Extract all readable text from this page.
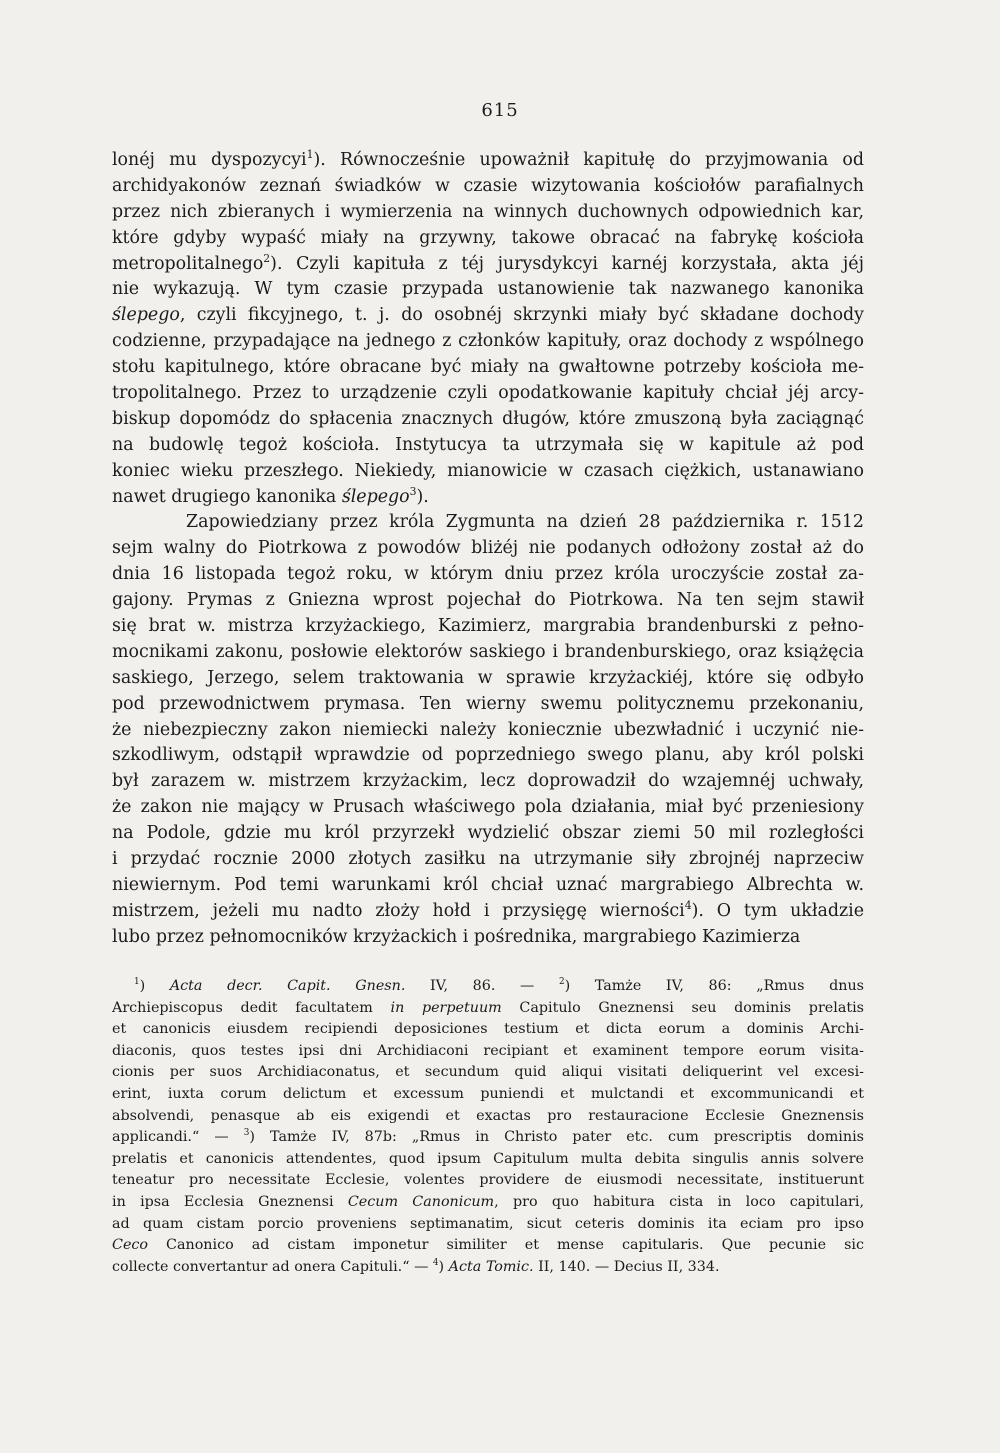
615
lonéj mu dyspozycyi$^1$). Równocześnie upoważnił kapitułę do przyjmowania od
archidyakonów zeznań świadków w czasie wizytowania kościołów parafialnych
przez nich zbieranych i wymierzenia na winnych duchownych odpowiednich kar,
które gdyby wypaść miały na grzywny, takowe obracać na fabrykę kościoła
metropolitalnego$^2$). Czyli kapituła z téj jurysdykcyi karnéj korzystała, akta jéj
nie wykazują. W tym czasie przypada ustanowienie tak nazwanego kanonika
ślepego, czyli fikcyjnego, t. j. do osobnéj skrzynki miały być składane dochody
codzienne, przypadające na jednego z członków kapituły, oraz dochody z wspólnego
stołu kapitulnego, które obracane być miały na gwałtowne potrzeby kościoła me-
tropolitalnego. Przez to urządzenie czyli opodatkowanie kapituły chciał jéj arcy-
biskup dopomódz do spłacenia znacznych długów, które zmuszoną była zaciągnąć
na budowlę tegoż kościoła. Instytucya ta utrzymała się w kapitule aż pod
koniec wieku przeszłego. Niekiedy, mianowicie w czasach ciężkich, ustanawiano
nawet drugiego kanonika ślepego$^3$).
Zapowiedziany przez króla Zygmunta na dzień 28 października r. 1512
sejm walny do Piotrkowa z powodów bliżéj nie podanych odłożony został aż do
dnia 16 listopada tegoż roku, w którym dniu przez króla uroczyście został za-
gajony. Prymas z Gniezna wprost pojechał do Piotrkowa. Na ten sejm stawił
się brat w. mistrza krzyżackiego, Kazimierz, margrabia brandenburski z pełno-
mocnikami zakonu, posłowie elektorów saskiego i brandenburskiego, oraz książęcia
saskiego, Jerzego, selem traktowania w sprawie krzyżackiéj, które się odbyło
pod przewodnictwem prymasa. Ten wierny swemu politycznemu przekonaniu,
że niebezpieczny zakon niemiecki należy koniecznie ubezwładnić i uczynić nie-
szkodliwym, odstąpił wprawdzie od poprzedniego swego planu, aby król polski
był zarazem w. mistrzem krzyżackim, lecz doprowadził do wzajemnéj uchwały,
że zakon nie mający w Prusach właściwego pola działania, miał być przeniesiony
na Podole, gdzie mu król przyrzekł wydzielić obszar ziemi 50 mil rozległości
i przydać rocznie 2000 złotych zasiłku na utrzymanie siły zbrojnéj naprzeciw
niewiernym. Pod temi warunkami król chciał uznać margrabiego Albrechta w.
mistrzem, jeżeli mu nadto złoży hołd i przysięgę wierności$^4$). O tym układzie
lubo przez pełnomocników krzyżackich i pośrednika, margrabiego Kazimierza
$^1$) Acta decr. Capit. Gnesn. IV, 86. — $^2$) Tamże IV, 86: „Rmus dnus
Archiepiscopus dedit facultatem in perpetuum Capitulo Gneznensi seu dominis prelatis
et canonicis eiusdem recipiendi deposiciones testium et dicta eorum a dominis Archi-
diaconis, quos testes ipsi dni Archidiaconi recipiant et examinent tempore eorum visita-
cionis per suos Archidiaconatus, et secundum quid aliqui visitati deliquerint vel excesi-
erint, iuxta corum delictum et excessum puniendi et mulctandi et excommunicandi et
absolvendi, penasque ab eis exigendi et exactas pro restauracione Ecclesie Gneznensis
applicandi.“ — $^3$) Tamże IV, 87b: „Rmus in Christo pater etc. cum prescriptis dominis
prelatis et canonicis attendentes, quod ipsum Capitulum multa debita singulis annis solvere
teneatur pro necessitate Ecclesie, volentes providere de eiusmodi necessitate, instituerunt
in ipsa Ecclesia Gneznensi Cecum Canonicum, pro quo habitura cista in loco capitulari,
ad quam cistam porcio proveniens septimanatim, sicut ceteris dominis ita eciam pro ipso
Ceco Canonico ad cistam imponetur similiter et mense capitularis. Que pecunie sic
collecte convertantur ad onera Capituli.“ — $^4$) Acta Tomic. II, 140. — Decius II, 334.
